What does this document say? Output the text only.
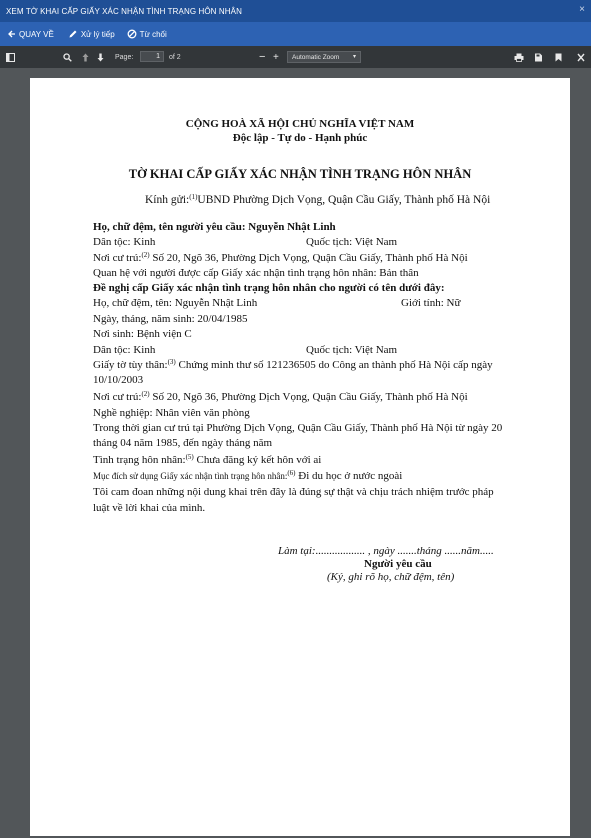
XEM TỜ KHAI CẤP GIẤY XÁC NHẬN TÌNH TRẠNG HÔN NHÂN	×
QUAY VỀ	Xử lý tiếp	Từ chối
Page:	1	of 2	− + Automatic Zoom ▾
CỘNG HOÀ XÃ HỘI CHỦ NGHĨA VIỆT NAM
Độc lập - Tự do - Hạnh phúc
TỜ KHAI CẤP GIẤY XÁC NHẬN TÌNH TRẠNG HÔN NHÂN
Kính gửi:$^{(1)}$UBND Phường Dịch Vọng, Quận Cầu Giấy, Thành phố Hà Nội
Họ, chữ đệm, tên người yêu cầu: Nguyễn Nhật Linh
Dân tộc: Kinh	Quốc tịch: Việt Nam
Nơi cư trú:$^{(2)}$ Số 20, Ngõ 36, Phường Dịch Vọng, Quận Cầu Giấy, Thành phố Hà Nội
Quan hệ với người được cấp Giấy xác nhận tình trạng hôn nhân: Bản thân
Đề nghị cấp Giấy xác nhận tình trạng hôn nhân cho người có tên dưới đây:
Họ, chữ đệm, tên: Nguyễn Nhật Linh	Giới tính: Nữ
Ngày, tháng, năm sinh: 20/04/1985
Nơi sinh: Bệnh viện C
Dân tộc: Kinh	Quốc tịch: Việt Nam
Giấy tờ tùy thân:$^{(3)}$ Chứng minh thư số 121236505 do Công an thành phố Hà Nội cấp ngày
10/10/2003
Nơi cư trú:$^{(2)}$ Số 20, Ngõ 36, Phường Dịch Vọng, Quận Cầu Giấy, Thành phố Hà Nội
Nghề nghiệp: Nhân viên văn phòng
Trong thời gian cư trú tại Phường Dịch Vọng, Quận Cầu Giấy, Thành phố Hà Nội từ ngày 20
tháng 04 năm 1985, đến ngày tháng năm
Tình trạng hôn nhân:$^{(5)}$ Chưa đăng ký kết hôn với ai
Mục đích sử dụng Giấy xác nhận tình trạng hôn nhân:$^{(6)}$ Đi du học ở nước ngoài
Tôi cam đoan những nội dung khai trên đây là đúng sự thật và chịu trách nhiệm trước pháp
luật về lời khai của mình.
Làm tại:.................. , ngày .......tháng ......năm.....
Người yêu cầu
(Ký, ghi rõ họ, chữ đệm, tên)
